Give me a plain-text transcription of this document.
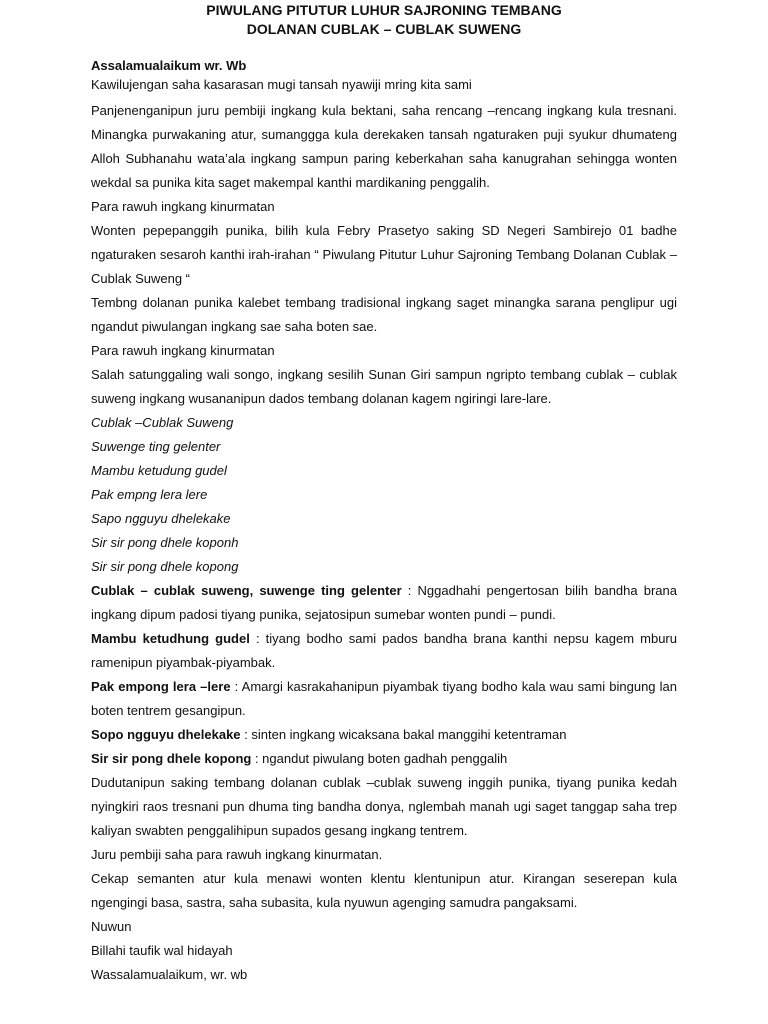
PIWULANG PITUTUR LUHUR SAJRONING TEMBANG
DOLANAN CUBLAK – CUBLAK SUWENG
Assalamualaikum wr. Wb

Kawilujengan saha kasarasan mugi tansah nyawiji mring kita sami

Panjenenganipun juru pembiji ingkang kula bektani, saha rencang –rencang ingkang kula tresnani. Minangka purwakaning atur, sumanggga kula derekaken tansah ngaturaken puji syukur dhumateng Alloh Subhanahu wata’ala ingkang sampun paring keberkahan saha kanugrahan sehingga wonten wekdal sa punika kita saget makempal kanthi mardikaning penggalih.

Para rawuh ingkang kinurmatan

Wonten pepepanggih punika, bilih kula Febry Prasetyo saking SD Negeri Sambirejo 01 badhe ngaturaken sesaroh kanthi irah-irahan “ Piwulang Pitutur Luhur Sajroning Tembang Dolanan Cublak – Cublak Suweng “

Tembng dolanan punika kalebet tembang tradisional ingkang saget minangka sarana penglipur ugi ngandut piwulangan ingkang sae saha boten sae.

Para rawuh ingkang kinurmatan

Salah satunggaling wali songo, ingkang sesilih Sunan Giri sampun ngripto tembang cublak – cublak suweng ingkang wusananipun dados tembang dolanan kagem ngiringi lare-lare.

Cublak –Cublak Suweng

Suwenge ting gelenter

Mambu ketudung gudel

Pak empng lera lere

Sapo ngguyu dhelekake

Sir sir pong dhele koponh

Sir sir pong dhele kopong

Cublak – cublak suweng, suwenge ting gelenter : Nggadhahi pengertosan bilih bandha brana ingkang dipum padosi tiyang punika, sejatosipun sumebar wonten pundi – pundi.

Mambu ketudhung gudel : tiyang bodho sami pados bandha brana kanthi nepsu kagem mburu ramenipun piyambak-piyambak.

Pak empong lera –lere : Amargi kasrakahanipun piyambak tiyang bodho kala wau sami bingung lan boten tentrem gesangipun.

Sopo ngguyu dhelekake : sinten ingkang wicaksana bakal manggihi ketentraman

Sir sir pong dhele kopong : ngandut piwulang boten gadhah penggalih

Dudutanipun saking tembang dolanan cublak –cublak suweng inggih punika, tiyang punika kedah nyingkiri raos tresnani pun dhuma ting bandha donya, nglembah manah ugi saget tanggap saha trep kaliyan swabten penggalihipun supados gesang ingkang tentrem.

Juru pembiji saha para rawuh ingkang kinurmatan.

Cekap semanten atur kula menawi wonten klentu klentunipun atur. Kirangan seserepan kula ngengingi basa, sastra, saha subasita, kula nyuwun agenging samudra pangaksami.

Nuwun

Billahi taufik wal hidayah

Wassalamualaikum, wr. wb
